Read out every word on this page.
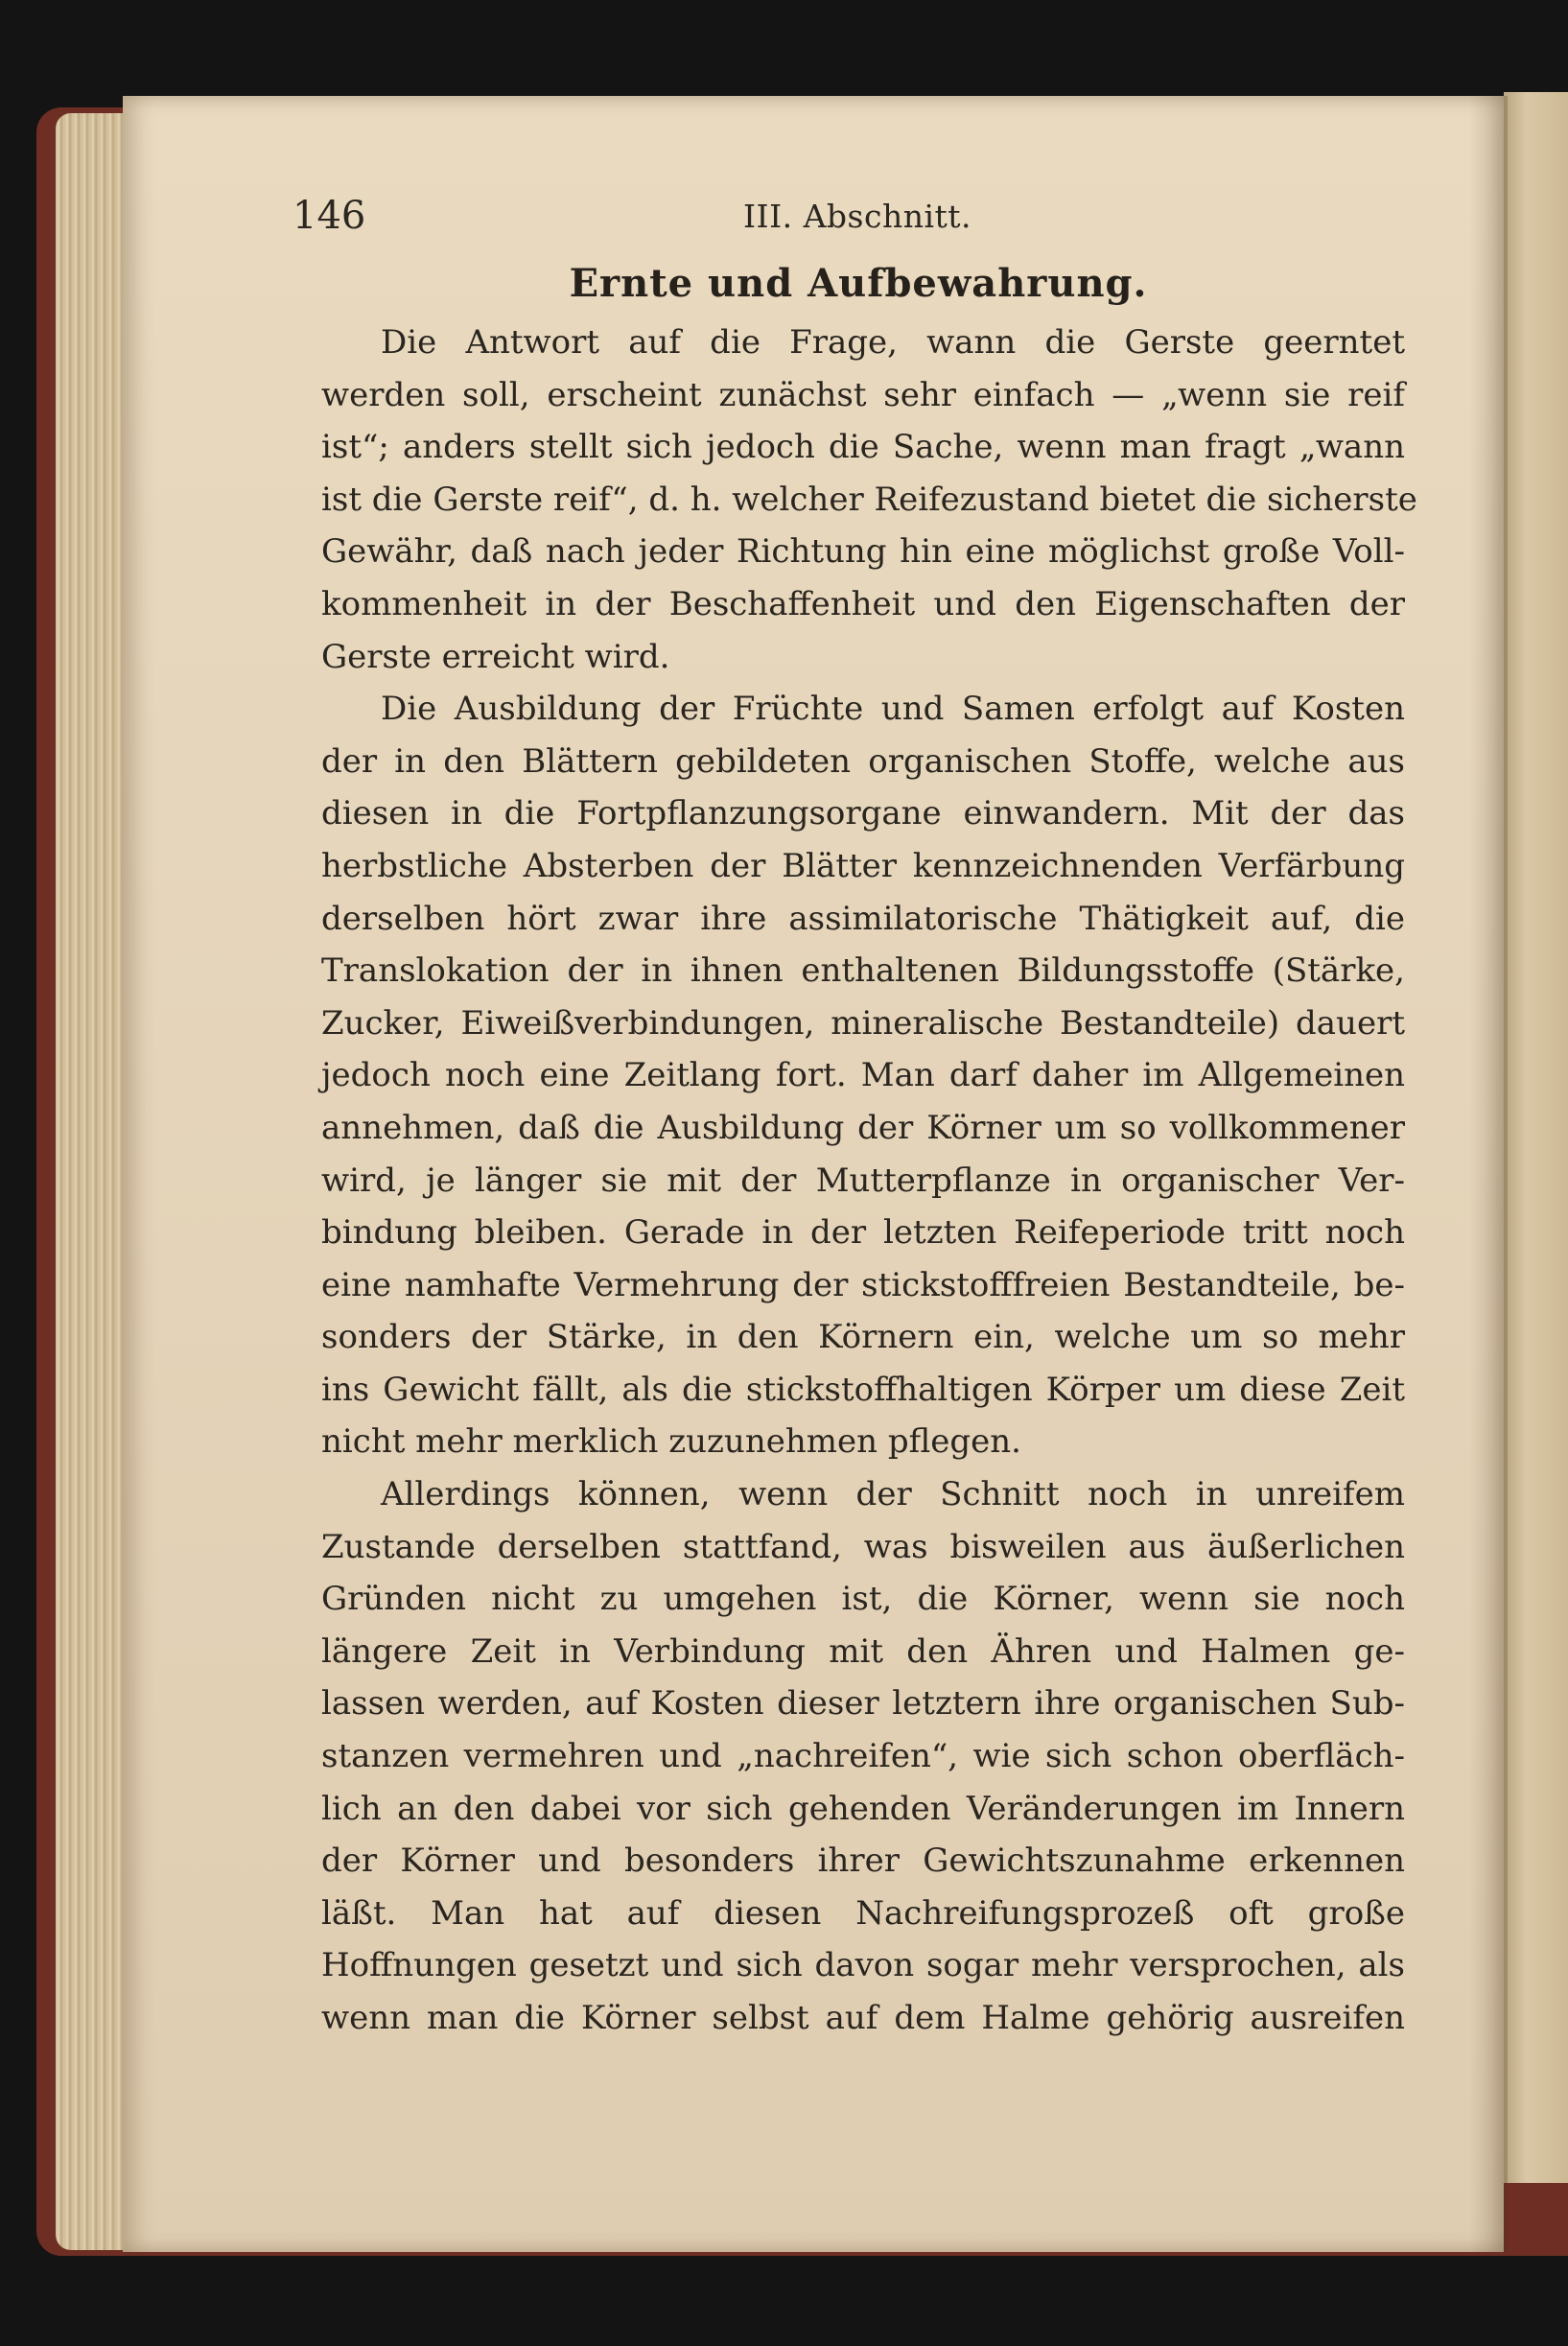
146	III. Abschnitt.
Ernte und Aufbewahrung.
Die Antwort auf die Frage, wann die Gerste geerntet
werden soll, erscheint zunächst sehr einfach — „wenn sie reif
ist“; anders stellt sich jedoch die Sache, wenn man fragt „wann
ist die Gerste reif“, d. h. welcher Reifezustand bietet die sicherste
Gewähr, daß nach jeder Richtung hin eine möglichst große Voll-
kommenheit in der Beschaffenheit und den Eigenschaften der
Gerste erreicht wird.
Die Ausbildung der Früchte und Samen erfolgt auf Kosten
der in den Blättern gebildeten organischen Stoffe, welche aus
diesen in die Fortpflanzungsorgane einwandern. Mit der das
herbstliche Absterben der Blätter kennzeichnenden Verfärbung
derselben hört zwar ihre assimilatorische Thätigkeit auf, die
Translokation der in ihnen enthaltenen Bildungsstoffe (Stärke,
Zucker, Eiweißverbindungen, mineralische Bestandteile) dauert
jedoch noch eine Zeitlang fort. Man darf daher im Allgemeinen
annehmen, daß die Ausbildung der Körner um so vollkommener
wird, je länger sie mit der Mutterpflanze in organischer Ver-
bindung bleiben. Gerade in der letzten Reifeperiode tritt noch
eine namhafte Vermehrung der stickstofffreien Bestandteile, be-
sonders der Stärke, in den Körnern ein, welche um so mehr
ins Gewicht fällt, als die stickstoffhaltigen Körper um diese Zeit
nicht mehr merklich zuzunehmen pflegen.
Allerdings können, wenn der Schnitt noch in unreifem
Zustande derselben stattfand, was bisweilen aus äußerlichen
Gründen nicht zu umgehen ist, die Körner, wenn sie noch
längere Zeit in Verbindung mit den Ähren und Halmen ge-
lassen werden, auf Kosten dieser letztern ihre organischen Sub-
stanzen vermehren und „nachreifen“, wie sich schon oberfläch-
lich an den dabei vor sich gehenden Veränderungen im Innern
der Körner und besonders ihrer Gewichtszunahme erkennen
läßt. Man hat auf diesen Nachreifungsprozeß oft große
Hoffnungen gesetzt und sich davon sogar mehr versprochen, als
wenn man die Körner selbst auf dem Halme gehörig ausreifen
